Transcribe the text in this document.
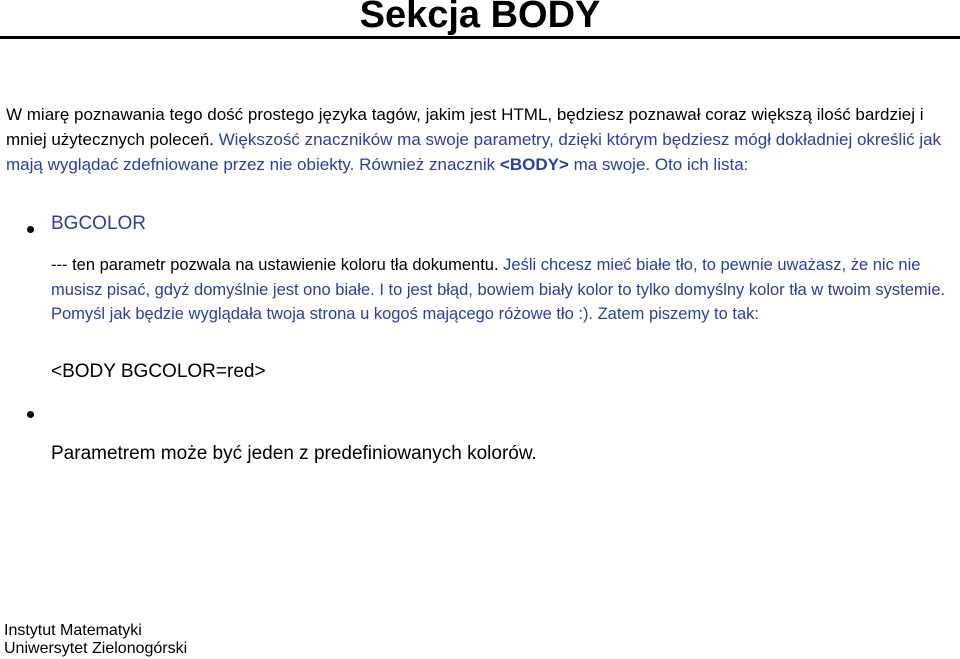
Sekcja BODY

W miarę poznawania tego dość prostego języka tagów, jakim jest HTML, będziesz poznawał coraz większą ilość bardziej i mniej użytecznych poleceń. Większość znaczników ma swoje parametry, dzięki którym będziesz mógł dokładniej określić jak mają wyglądać zdefniowane przez nie obiekty. Również znacznik <BODY> ma swoje. Oto ich lista:

BGCOLOR

--- ten parametr pozwala na ustawienie koloru tła dokumentu. Jeśli chcesz mieć białe tło, to pewnie uważasz, że nic nie musisz pisać, gdyż domyślnie jest ono białe. I to jest błąd, bowiem biały kolor to tylko domyślny kolor tła w twoim systemie. Pomyśl jak będzie wyglądała twoja strona u kogoś mającego różowe tło :). Zatem piszemy to tak:

<BODY BGCOLOR=red>

Parametrem może być jeden z predefiniowanych kolorów.

Instytut Matematyki

Uniwersytet Zielonogórski
